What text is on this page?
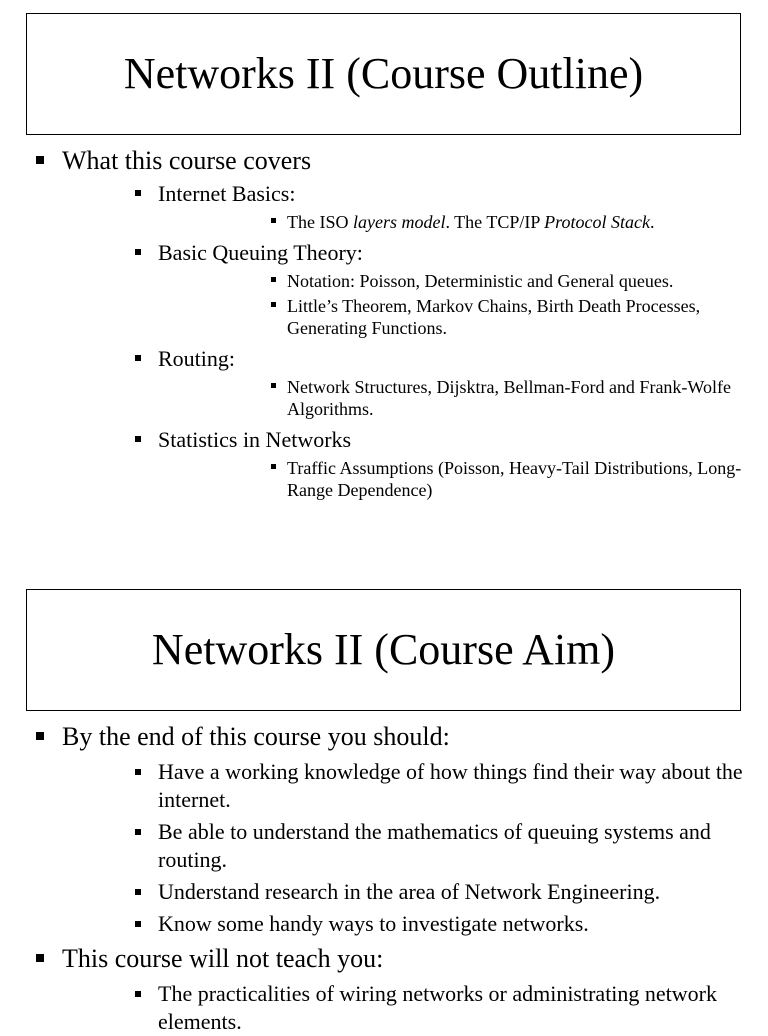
Networks II (Course Outline)
What this course covers
Internet Basics:
The ISO layers model. The TCP/IP Protocol Stack.
Basic Queuing Theory:
Notation: Poisson, Deterministic and General queues.
Little’s Theorem, Markov Chains, Birth Death Processes, Generating Functions.
Routing:
Network Structures, Dijsktra, Bellman-Ford and Frank-Wolfe Algorithms.
Statistics in Networks
Traffic Assumptions (Poisson, Heavy-Tail Distributions, Long-Range Dependence)
Networks II (Course Aim)
By the end of this course you should:
Have a working knowledge of how things find their way about the internet.
Be able to understand the mathematics of queuing systems and routing.
Understand research in the area of Network Engineering.
Know some handy ways to investigate networks.
This course will not teach you:
The practicalities of wiring networks or administrating network elements.
